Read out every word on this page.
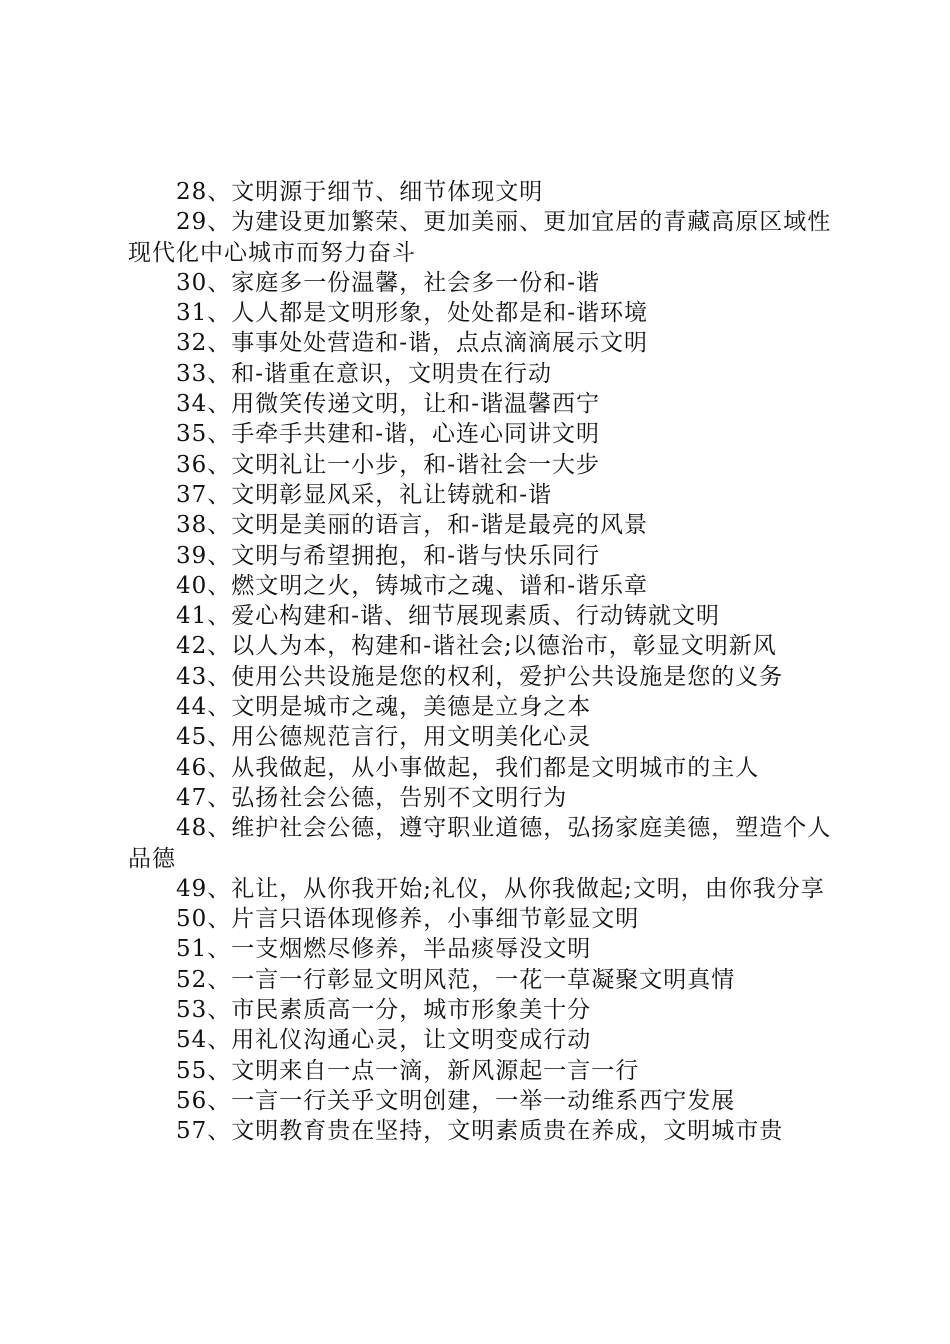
28、文明源于细节、细节体现文明

29、为建设更加繁荣、更加美丽、更加宜居的青藏高原区域性现代化中心城市而努力奋斗

30、家庭多一份温馨，社会多一份和-谐

31、人人都是文明形象，处处都是和-谐环境

32、事事处处营造和-谐，点点滴滴展示文明

33、和-谐重在意识，文明贵在行动

34、用微笑传递文明，让和-谐温馨西宁

35、手牵手共建和-谐，心连心同讲文明

36、文明礼让一小步，和-谐社会一大步

37、文明彰显风采，礼让铸就和-谐

38、文明是美丽的语言，和-谐是最亮的风景

39、文明与希望拥抱，和-谐与快乐同行

40、燃文明之火，铸城市之魂、谱和-谐乐章

41、爱心构建和-谐、细节展现素质、行动铸就文明

42、以人为本，构建和-谐社会;以德治市，彰显文明新风

43、使用公共设施是您的权利，爱护公共设施是您的义务

44、文明是城市之魂，美德是立身之本

45、用公德规范言行，用文明美化心灵

46、从我做起，从小事做起，我们都是文明城市的主人

47、弘扬社会公德，告别不文明行为

48、维护社会公德，遵守职业道德，弘扬家庭美德，塑造个人品德

49、礼让，从你我开始;礼仪，从你我做起;文明，由你我分享

50、片言只语体现修养，小事细节彰显文明

51、一支烟燃尽修养，半品痰辱没文明

52、一言一行彰显文明风范，一花一草凝聚文明真情

53、市民素质高一分，城市形象美十分

54、用礼仪沟通心灵，让文明变成行动

55、文明来自一点一滴，新风源起一言一行

56、一言一行关乎文明创建，一举一动维系西宁发展

57、文明教育贵在坚持，文明素质贵在养成，文明城市贵
